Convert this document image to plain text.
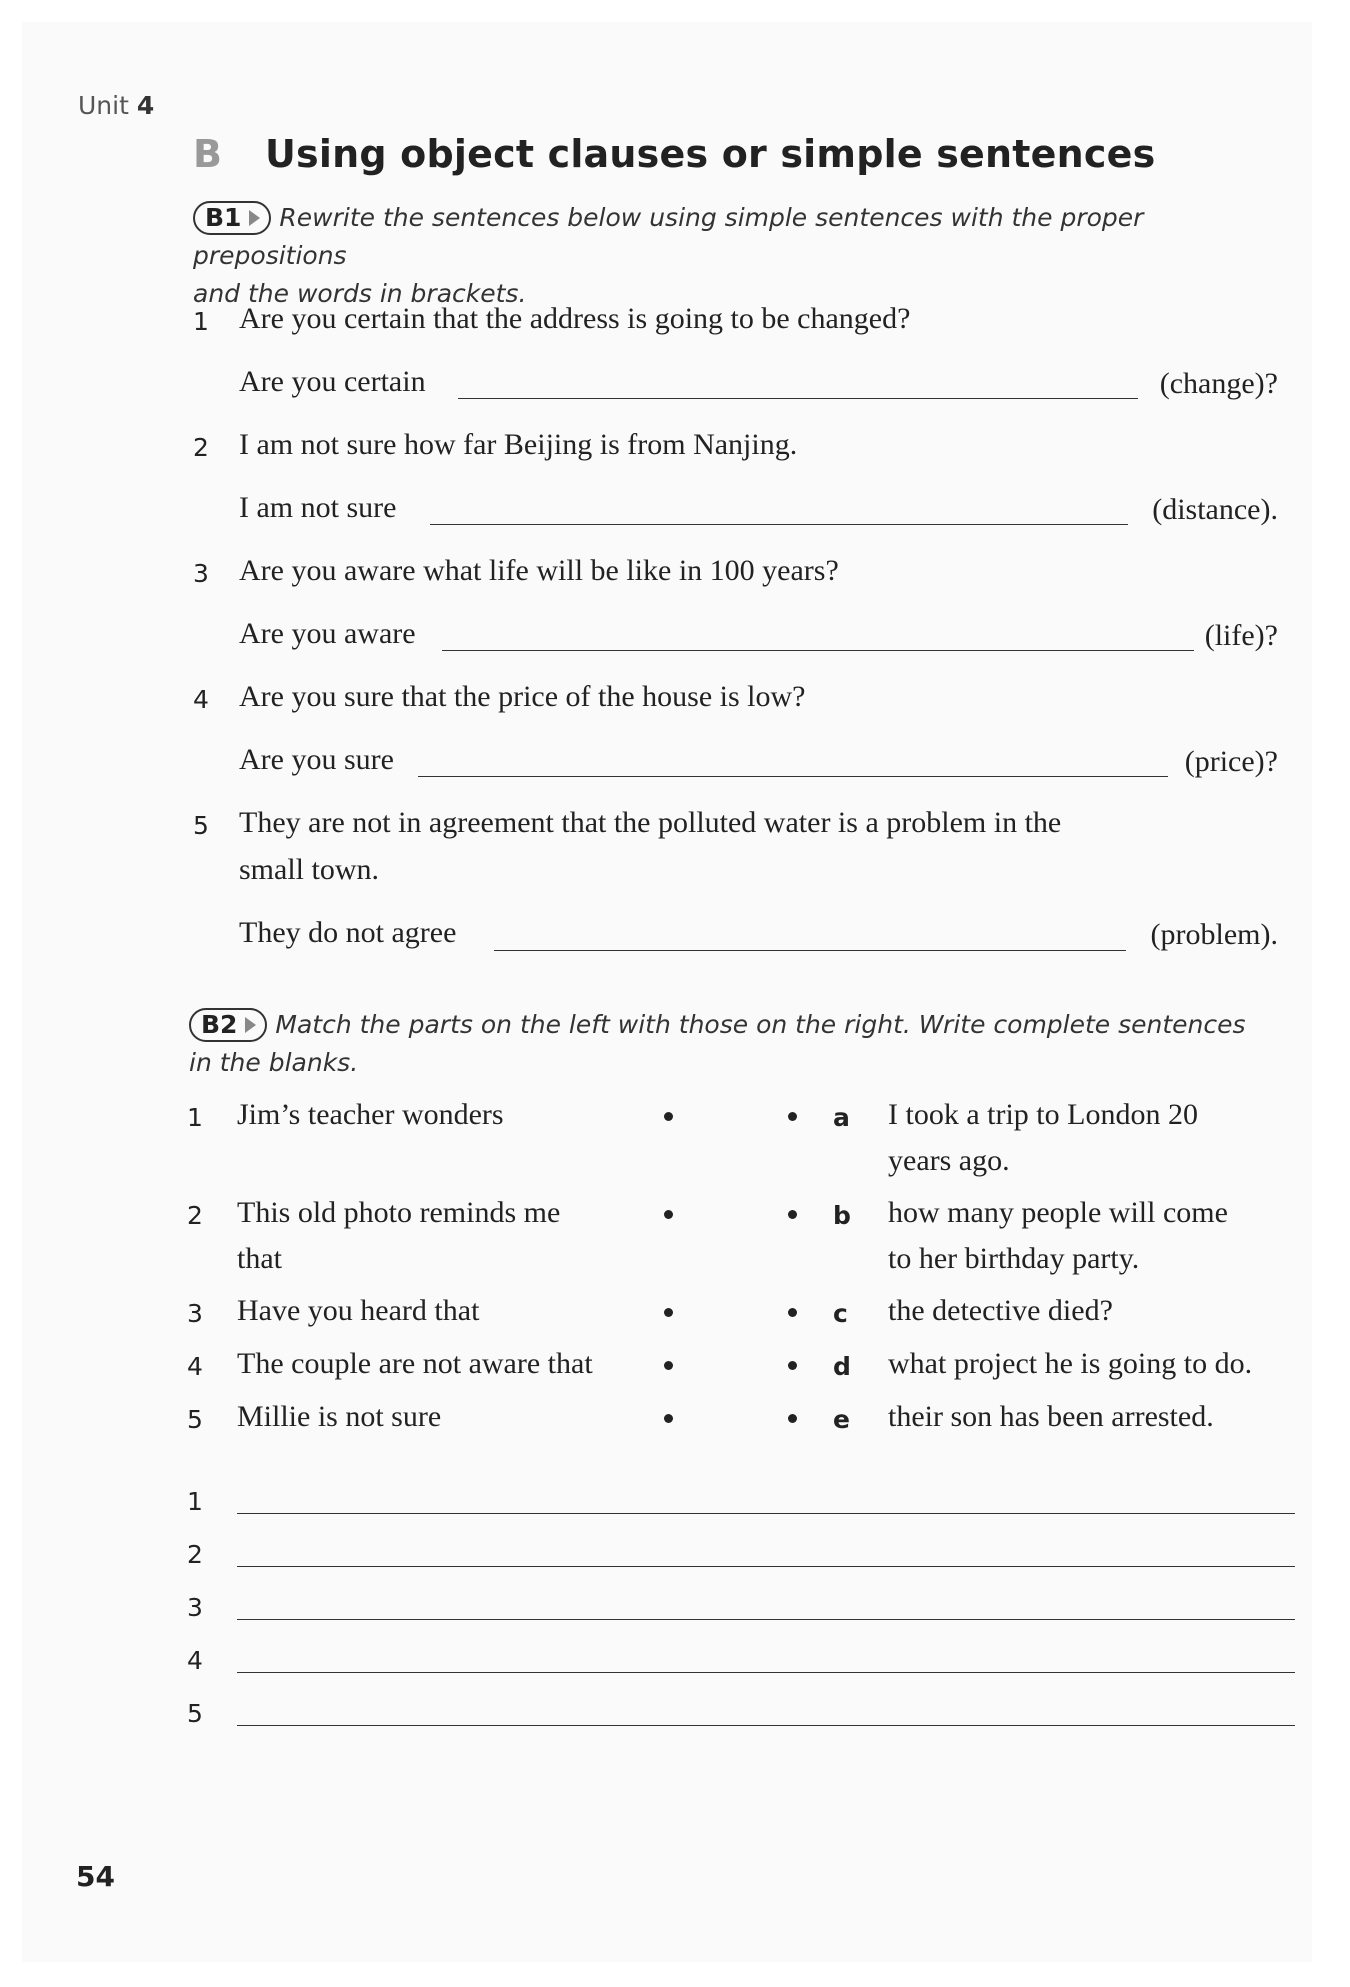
Unit 4
B Using object clauses or simple sentences
B1 Rewrite the sentences below using simple sentences with the proper prepositions
and the words in brackets.
1 Are you certain that the address is going to be changed?
Are you certain	(change)?
2 I am not sure how far Beijing is from Nanjing.
I am not sure	(distance).
3 Are you aware what life will be like in 100 years?
Are you aware	(life)?
4 Are you sure that the price of the house is low?
Are you sure	(price)?
5 They are not in agreement that the polluted water is a problem in the
small town.
They do not agree	(problem).
B2 Match the parts on the left with those on the right. Write complete sentences
in the blanks.
1 Jim’s teacher wonders	a I took a trip to London 20
years ago.
2 This old photo reminds me
that
b how many people will come
to her birthday party.
3 Have you heard that	c the detective died?
4 The couple are not aware that	d what project he is going to do.
5 Millie is not sure	e their son has been arrested.
1
2
3
4
5
54
